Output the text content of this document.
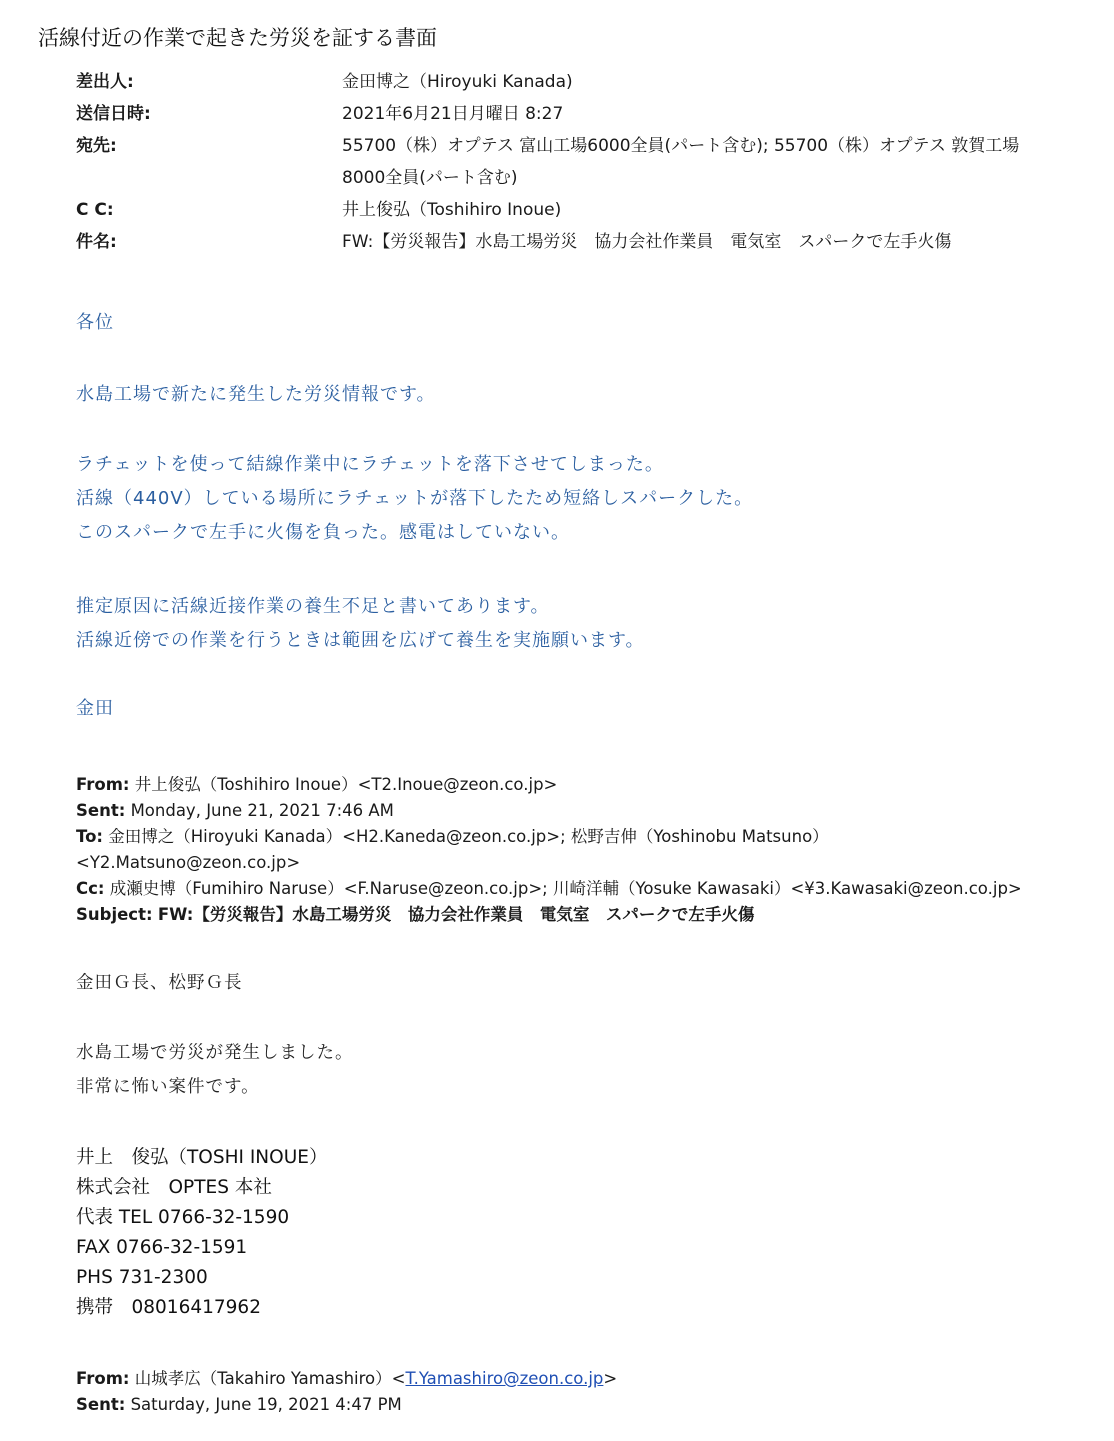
活線付近の作業で起きた労災を証する書面
差出人:	金田博之（Hiroyuki Kanada)
送信日時:	2021年6月21日月曜日 8:27
宛先:	55700（株）オプテス 富山工場6000全員(パート含む); 55700（株）オプテス 敦賀工場
8000全員(パート含む)
C C:	井上俊弘（Toshihiro Inoue)
件名:	FW:【労災報告】水島工場労災　協力会社作業員　電気室　スパークで左手火傷

各位

水島工場で新たに発生した労災情報です。

ラチェットを使って結線作業中にラチェットを落下させてしまった。

活線（440V）している場所にラチェットが落下したため短絡しスパークした。

このスパークで左手に火傷を負った。感電はしていない。

推定原因に活線近接作業の養生不足と書いてあります。

活線近傍での作業を行うときは範囲を広げて養生を実施願います。

金田

From: 井上俊弘（Toshihiro Inoue）<T2.Inoue@zeon.co.jp>
Sent: Monday, June 21, 2021 7:46 AM
To: 金田博之（Hiroyuki Kanada）<H2.Kaneda@zeon.co.jp>; 松野吉伸（Yoshinobu Matsuno）
<Y2.Matsuno@zeon.co.jp>
Cc: 成瀬史博（Fumihiro Naruse）<F.Naruse@zeon.co.jp>; 川崎洋輔（Yosuke Kawasaki）<¥3.Kawasaki@zeon.co.jp>
Subject: FW:【労災報告】水島工場労災　協力会社作業員　電気室　スパークで左手火傷
金田Ｇ長、松野Ｇ長
水島工場で労災が発生しました。
非常に怖い案件です。
井上　俊弘（TOSHI INOUE）
株式会社　OPTES 本社
代表 TEL 0766-32-1590
FAX 0766-32-1591
PHS 731-2300
携帯　08016417962
From: 山城孝広（Takahiro Yamashiro）<T.Yamashiro@zeon.co.jp>
Sent: Saturday, June 19, 2021 4:47 PM
